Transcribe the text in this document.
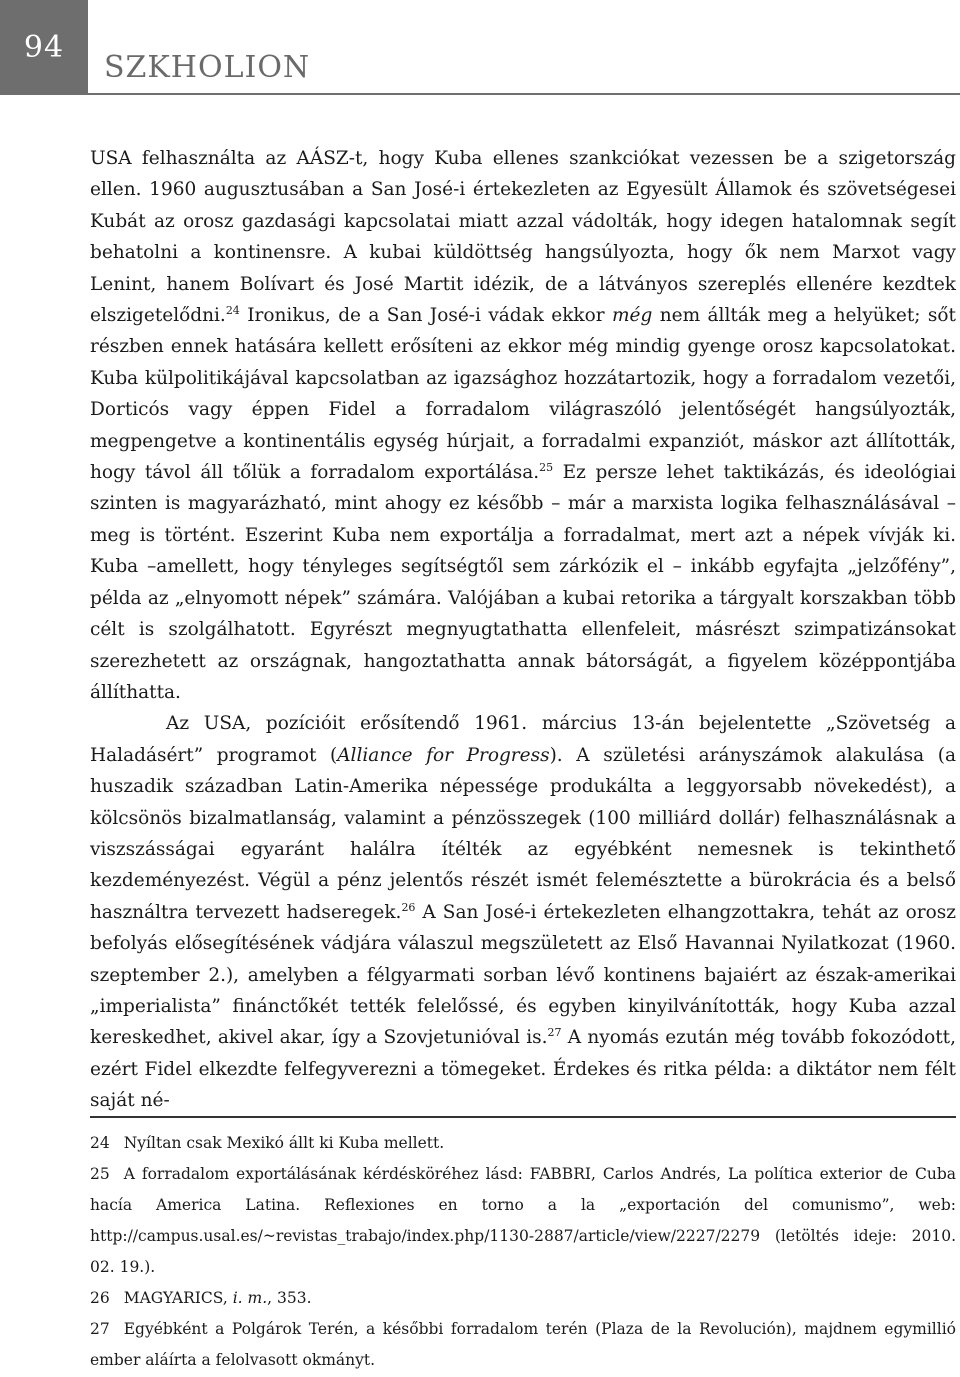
94
SZKHOLION

USA felhasználta az AÁSZ-t, hogy Kuba ellenes szankciókat vezessen be a szigetország ellen. 1960 augusztusában a San José-i értekezleten az Egyesült Államok és szövetségesei Kubát az orosz gazdasági kapcsolatai miatt azzal vádolták, hogy idegen hatalomnak segít behatolni a kontinensre. A kubai küldöttség hangsúlyozta, hogy ők nem Marxot vagy Lenint, hanem Bolívart és José Martit idézik, de a látványos szereplés ellenére kezdtek elszigetelődni.$^{24}$ Ironikus, de a San José-i vádak ekkor még nem állták meg a helyüket; sőt részben ennek hatására kellett erősíteni az ekkor még mindig gyenge orosz kapcsolatokat. Kuba külpolitikájával kapcsolatban az igazsághoz hozzátartozik, hogy a forradalom vezetői, Dorticós vagy éppen Fidel a forradalom világraszóló jelentőségét hangsúlyozták, megpengetve a kontinentális egység húrjait, a forradalmi expanziót, máskor azt állították, hogy távol áll tőlük a forradalom exportálása.$^{25}$ Ez persze lehet taktikázás, és ideológiai szinten is magyarázható, mint ahogy ez később – már a marxista logika felhasználásával – meg is történt. Eszerint Kuba nem exportálja a forradalmat, mert azt a népek vívják ki. Kuba –amellett, hogy tényleges segítségtől sem zárkózik el – inkább egyfajta „jelzőfény”, példa az „elnyomott népek” számára. Valójában a kubai retorika a tárgyalt korszakban több célt is szolgálhatott. Egyrészt megnyugtathatta ellenfeleit, másrészt szimpatizánsokat szerezhetett az országnak, hangoztathatta annak bátorságát, a figyelem középpontjába állíthatta.

Az USA, pozícióit erősítendő 1961. március 13-án bejelentette „Szövetség a Haladásért” programot (Alliance for Progress). A születési arányszámok alakulása (a huszadik században Latin-Amerika népessége produkálta a leggyorsabb növekedést), a kölcsönös bizalmatlanság, valamint a pénzösszegek (100 milliárd dollár) felhasználásnak a viszszásságai egyaránt halálra ítélték az egyébként nemesnek is tekinthető kezdeményezést. Végül a pénz jelentős részét ismét felemésztette a bürokrácia és a belső használtra tervezett hadseregek.$^{26}$ A San José-i értekezleten elhangzottakra, tehát az orosz befolyás elősegítésének vádjára válaszul megszületett az Első Havannai Nyilatkozat (1960. szeptember 2.), amelyben a félgyarmati sorban lévő kontinens bajaiért az észak-amerikai „imperialista” finánctőkét tették felelőssé, és egyben kinyilvánították, hogy Kuba azzal kereskedhet, akivel akar, így a Szovjetunióval is.$^{27}$ A nyomás ezután még tovább fokozódott, ezért Fidel elkezdte felfegyverezni a tömegeket. Érdekes és ritka példa: a diktátor nem félt saját né-

24 Nyíltan csak Mexikó állt ki Kuba mellett.

25 A forradalom exportálásának kérdésköréhez lásd: FABBRI, Carlos Andrés, La política exterior de Cuba hacía America Latina. Reflexiones en torno a la „exportación del comunismo”, web: http://campus.usal.es/~revistas_trabajo/index.php/1130-2887/article/view/2227/2279 (letöltés ideje: 2010. 02. 19.).

26 MAGYARICS, i. m., 353.

27 Egyébként a Polgárok Terén, a későbbi forradalom terén (Plaza de la Revolución), majdnem egymillió ember aláírta a felolvasott okmányt.
